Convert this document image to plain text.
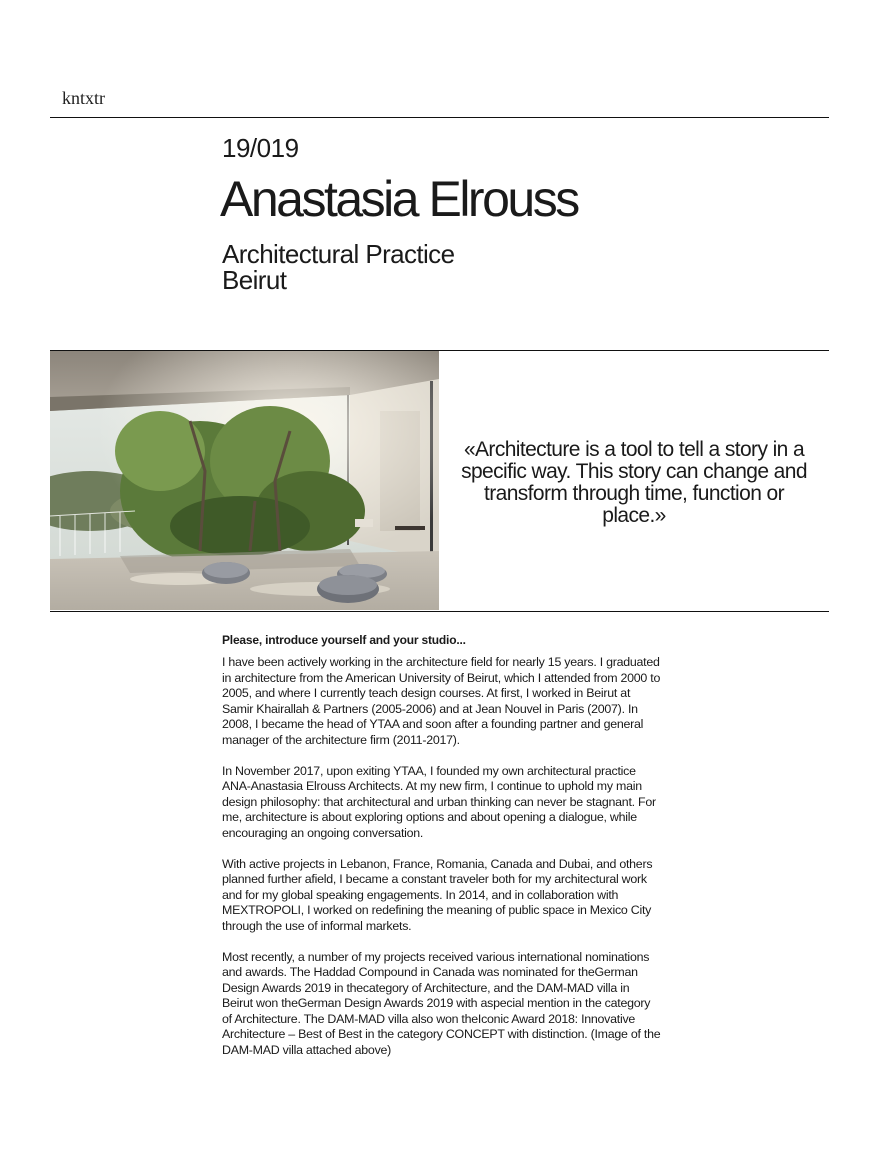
kntxtr
19/019
Anastasia Elrouss
Architectural Practice
Beirut
«Architecture is a tool to tell a story in a specific way. This story can change and transform through time, function or place.»

Please, introduce yourself and your studio...

I have been actively working in the architecture field for nearly 15 years. I graduated in architecture from the American University of Beirut, which I attended from 2000 to 2005, and where I currently teach design courses. At first, I worked in Beirut at Samir Khairallah & Partners (2005-2006) and at Jean Nouvel in Paris (2007). In 2008, I became the head of YTAA and soon after a founding partner and general manager of the architecture firm (2011-2017).

In November 2017, upon exiting YTAA, I founded my own architectural practice ANA-Anastasia Elrouss Architects. At my new firm, I continue to uphold my main design philosophy: that architectural and urban thinking can never be stagnant. For me, architecture is about exploring options and about opening a dialogue, while encouraging an ongoing conversation.

With active projects in Lebanon, France, Romania, Canada and Dubai, and others planned further afield, I became a constant traveler both for my architectural work and for my global speaking engagements. In 2014, and in collaboration with MEXTROPOLI, I worked on redefining the meaning of public space in Mexico City through the use of informal markets.

Most recently, a number of my projects received various international nominations and awards. The Haddad Compound in Canada was nominated for theGerman Design Awards 2019 in thecategory of Architecture, and the DAM-MAD villa in Beirut won theGerman Design Awards 2019 with aspecial mention in the category of Architecture. The DAM-MAD villa also won theIconic Award 2018: Innovative Architecture – Best of Best in the category CONCEPT with distinction. (Image of the DAM-MAD villa attached above)
